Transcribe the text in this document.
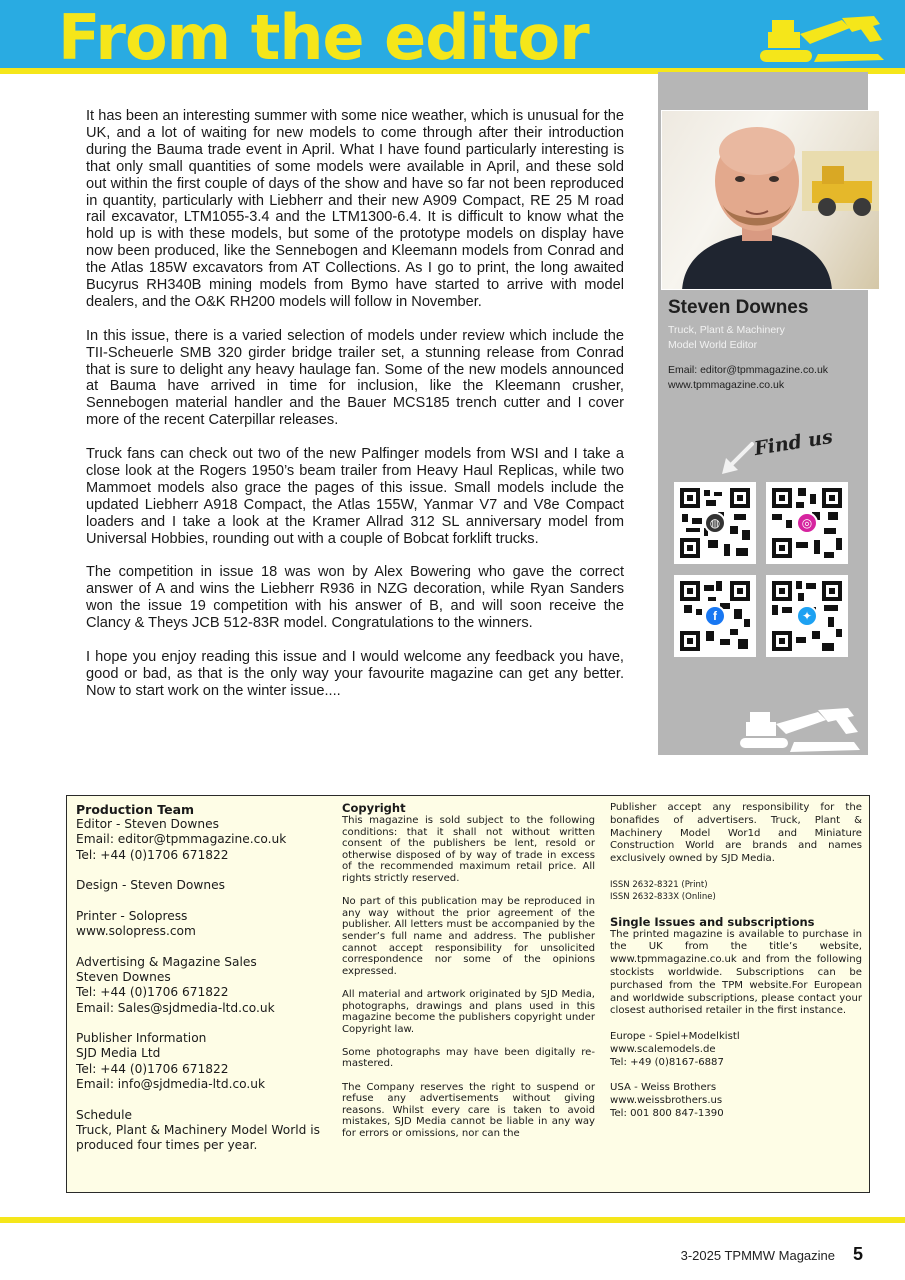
From the editor

It has been an interesting summer with some nice weather, which is unusual for the UK, and a lot of waiting for new models to come through after their introduction during the Bauma trade event in April. What I have found particularly interesting is that only small quantities of some models were available in April, and these sold out within the first couple of days of the show and have so far not been reproduced in quantity, particularly with Liebherr and their new A909 Compact, RE 25 M road rail excavator, LTM1055-3.4 and the LTM1300-6.4. It is difficult to know what the hold up is with these models, but some of the prototype models on display have now been produced, like the Sennebogen and Kleemann models from Conrad and the Atlas 185W excavators from AT Collections. As I go to print, the long awaited Bucyrus RH340B mining models from Bymo have started to arrive with model dealers, and the O&K RH200 models will follow in November.

In this issue, there is a varied selection of models under review which include the TII-Scheuerle SMB 320 girder bridge trailer set, a stunning release from Conrad that is sure to delight any heavy haulage fan. Some of the new models announced at Bauma have arrived in time for inclusion, like the Kleemann crusher, Sennebogen material handler and the Bauer MCS185 trench cutter and I cover more of the recent Caterpillar releases.

Truck fans can check out two of the new Palfinger models from WSI and I take a close look at the Rogers 1950’s beam trailer from Heavy Haul Replicas, while two Mammoet models also grace the pages of this issue. Small models include the updated Liebherr A918 Compact, the Atlas 155W, Yanmar V7 and V8e Compact loaders and I take a look at the Kramer Allrad 312 SL anniversary model from Universal Hobbies, rounding out with a couple of Bobcat forklift trucks.

The competition in issue 18 was won by Alex Bowering who gave the correct answer of A and wins the Liebherr R936 in NZG decoration, while Ryan Sanders won the issue 19 competition with his answer of B, and will soon receive the Clancy & Theys JCB 512-83R model. Congratulations to the winners.

I hope you enjoy reading this issue and I would welcome any feedback you have, good or bad, as that is the only way your favourite magazine can get any better. Now to start work on the winter issue....

Steven Downes
Truck, Plant & Machinery
Model World Editor
Email: editor@tpmmagazine.co.uk
www.tpmmagazine.co.uk
Find us
◍	◎
f	✦
Production Team
Editor - Steven Downes
Email: editor@tpmmagazine.co.uk
Tel: +44 (0)1706 671822
Design - Steven Downes
Printer - Solopress
www.solopress.com
Advertising & Magazine Sales
Steven Downes
Tel: +44 (0)1706 671822
Email: Sales@sjdmedia-ltd.co.uk
Publisher Information
SJD Media Ltd
Tel: +44 (0)1706 671822
Email: info@sjdmedia-ltd.co.uk
Schedule
Truck, Plant & Machinery Model World is produced four times per year.
Copyright

This magazine is sold subject to the following conditions: that it shall not without written consent of the publishers be lent, resold or otherwise disposed of by way of trade in excess of the recommended maximum retail price. All rights strictly reserved.

No part of this publication may be reproduced in any way without the prior agreement of the publisher. All letters must be accompanied by the sender’s full name and address. The publisher cannot accept responsibility for unsolicited correspondence nor some of the opinions expressed.

All material and artwork originated by SJD Media, photographs, drawings and plans used in this magazine become the publishers copyright under Copyright law.

Some photographs may have been digitally re-mastered.

The Company reserves the right to suspend or refuse any advertisements without giving reasons. Whilst every care is taken to avoid mistakes, SJD Media cannot be liable in any way for errors or omissions, nor can the

Publisher accept any responsibility for the bonafides of advertisers. Truck, Plant & Machinery Model Wor1d and Miniature Construction World are brands and names exclusively owned by SJD Media.

ISSN 2632-8321 (Print)
ISSN 2632-833X (Online)
Single Issues and subscriptions

The printed magazine is available to purchase in the UK from the title’s website, www.tpmmagazine.co.uk and from the following stockists worldwide. Subscriptions can be purchased from the TPM website.For European and worldwide subscriptions, please contact your closest authorised retailer in the first instance.

Europe - Spiel+Modelkistl
www.scalemodels.de
Tel: +49 (0)8167-6887
USA - Weiss Brothers
www.weissbrothers.us
Tel: 001 800 847-1390
3-2025 TPMMW Magazine 5
